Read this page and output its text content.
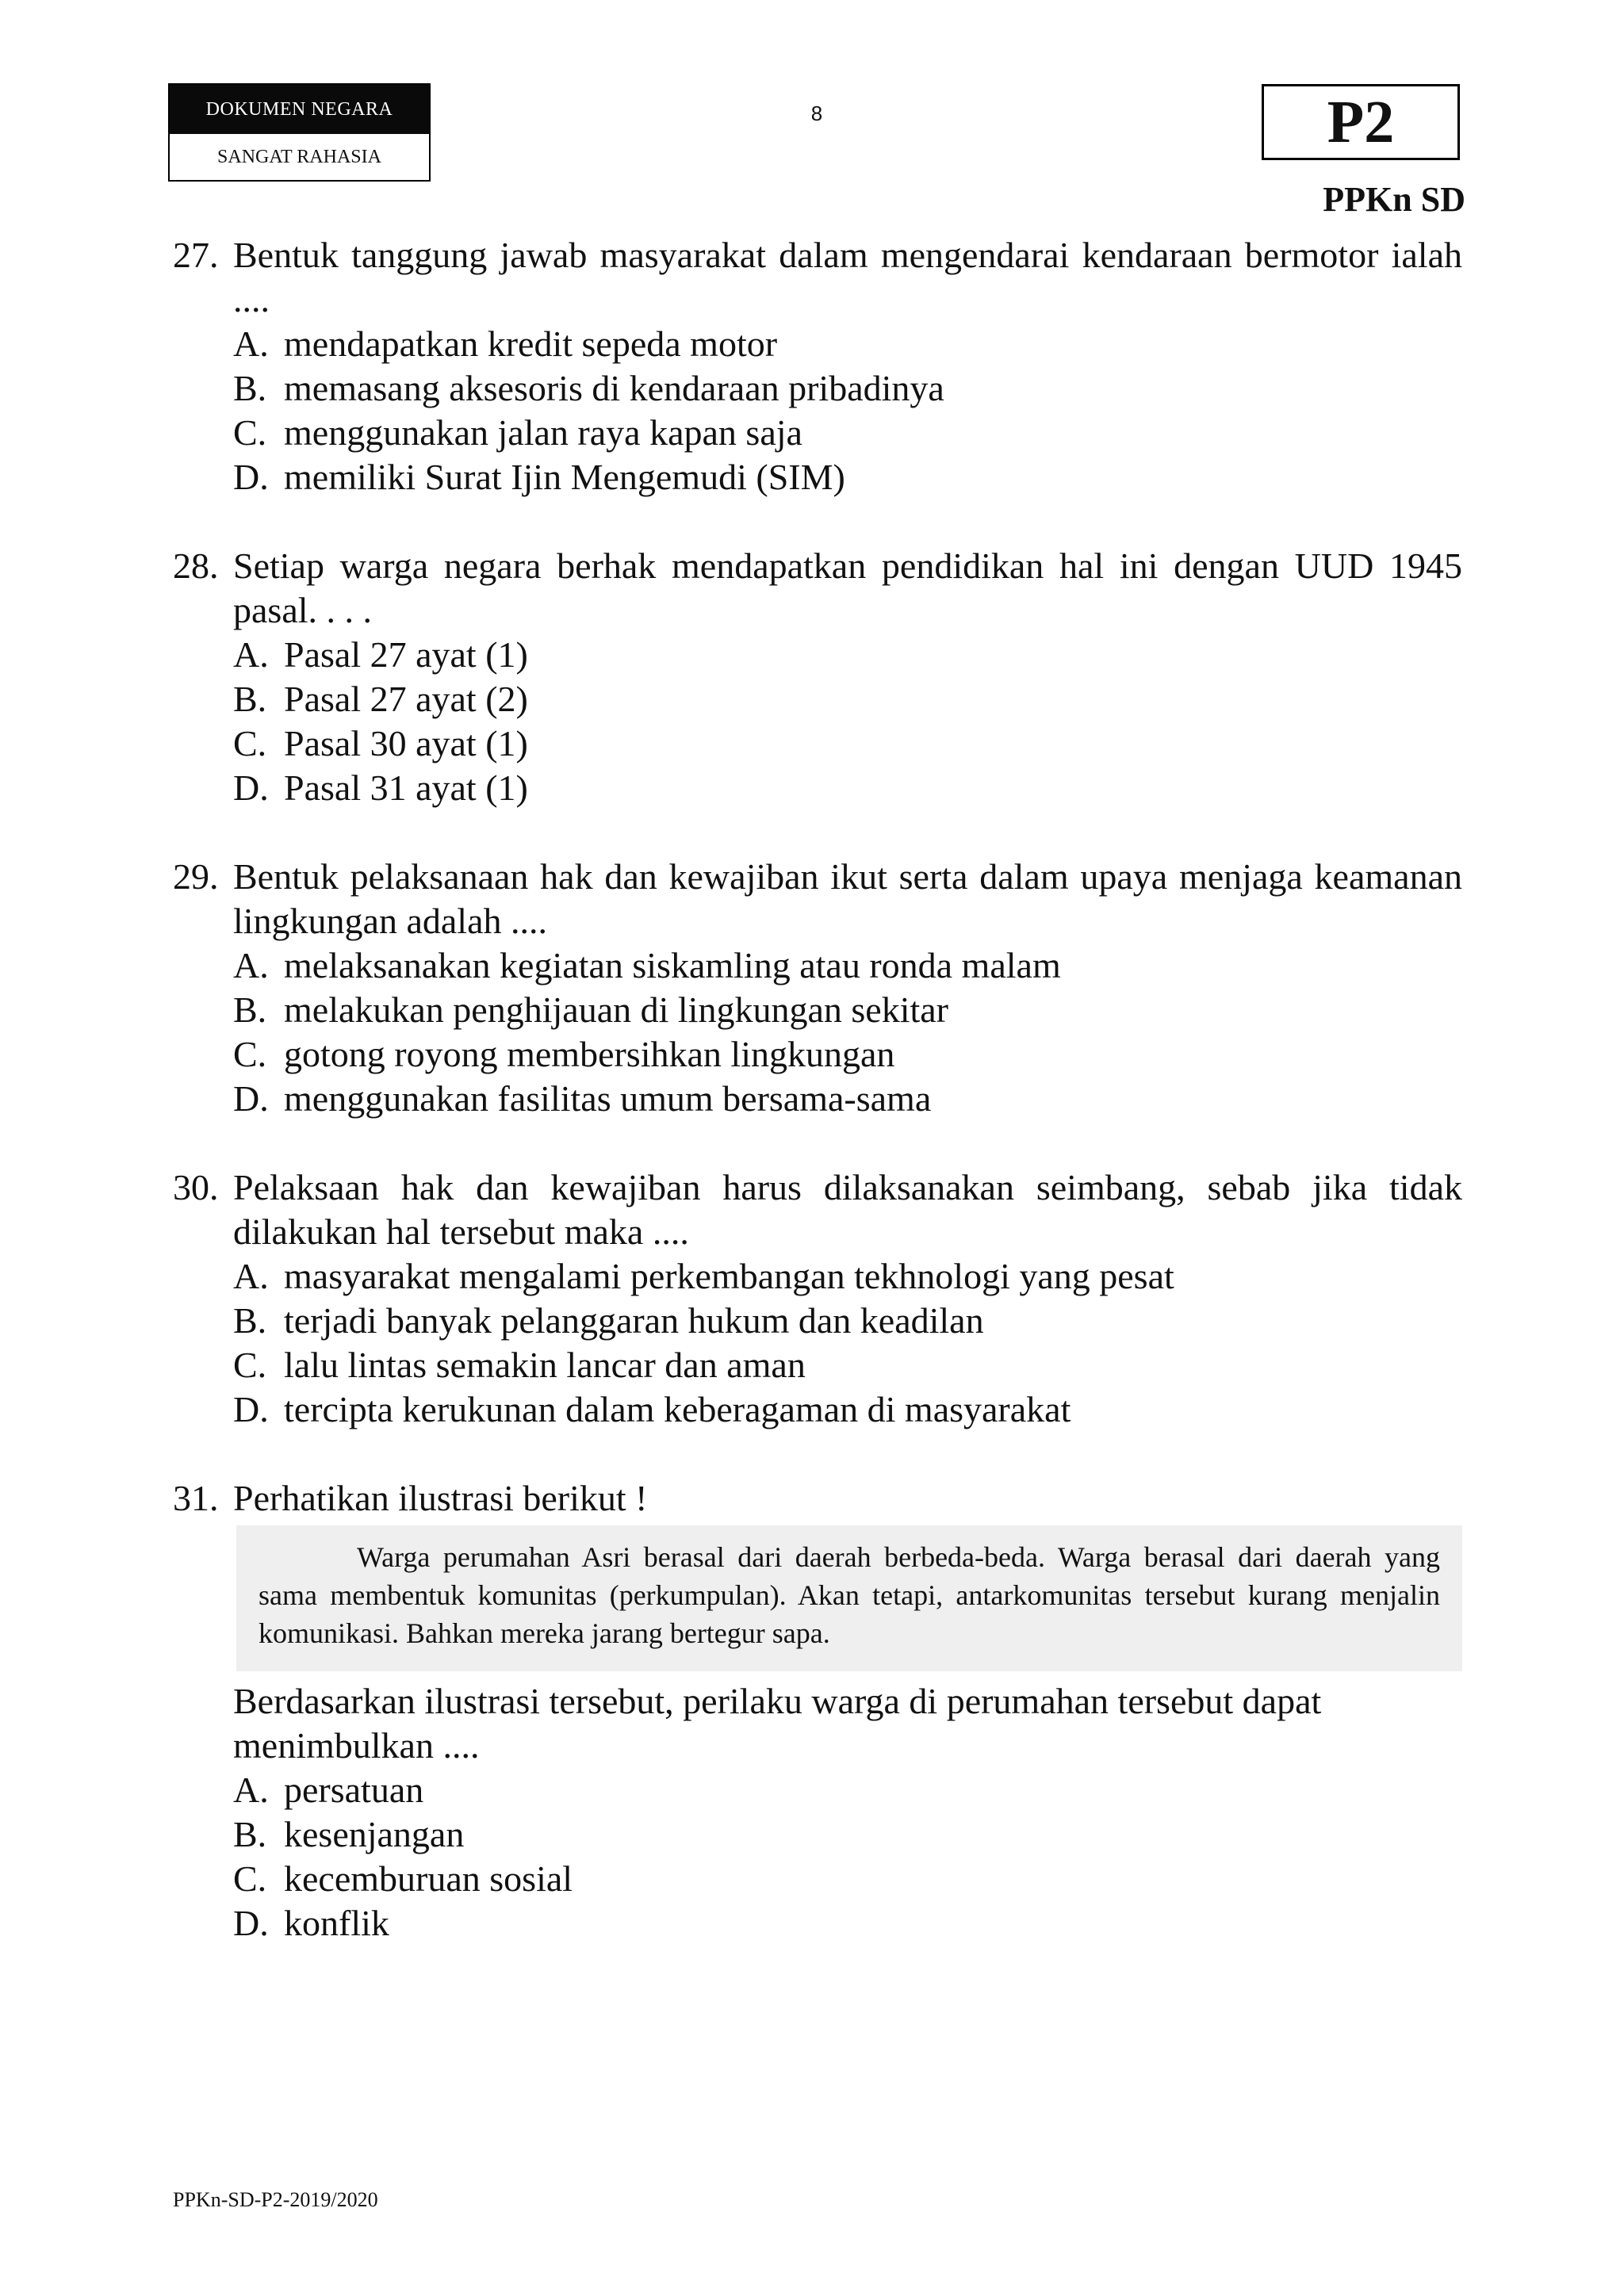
DOKUMEN NEGARA
SANGAT RAHASIA
8	P2
PPKn SD
27. Bentuk tanggung jawab masyarakat dalam mengendarai kendaraan bermotor ialah ....
A. mendapatkan kredit sepeda motor
B. memasang aksesoris di kendaraan pribadinya
C. menggunakan jalan raya kapan saja
D. memiliki Surat Ijin Mengemudi (SIM)
28. Setiap warga negara berhak mendapatkan pendidikan hal ini dengan UUD 1945 pasal. . . .
A. Pasal 27 ayat (1)
B. Pasal 27 ayat (2)
C. Pasal 30 ayat (1)
D. Pasal 31 ayat (1)
29. Bentuk pelaksanaan hak dan kewajiban ikut serta dalam upaya menjaga keamanan lingkungan adalah ....
A. melaksanakan kegiatan siskamling atau ronda malam
B. melakukan penghijauan di lingkungan sekitar
C. gotong royong membersihkan lingkungan
D. menggunakan fasilitas umum bersama-sama
30. Pelaksaan hak dan kewajiban harus dilaksanakan seimbang, sebab jika tidak dilakukan hal tersebut maka ....
A. masyarakat mengalami perkembangan tekhnologi yang pesat
B. terjadi banyak pelanggaran hukum dan keadilan
C. lalu lintas semakin lancar dan aman
D. tercipta kerukunan dalam keberagaman di masyarakat
31. Perhatikan ilustrasi berikut !
Warga perumahan Asri berasal dari daerah berbeda-beda. Warga berasal dari daerah yang sama membentuk komunitas (perkumpulan). Akan tetapi, antarkomunitas tersebut kurang menjalin komunikasi. Bahkan mereka jarang bertegur sapa.
Berdasarkan ilustrasi tersebut, perilaku warga di perumahan tersebut dapat menimbulkan ....
A. persatuan
B. kesenjangan
C. kecemburuan sosial
D. konflik
PPKn-SD-P2-2019/2020
